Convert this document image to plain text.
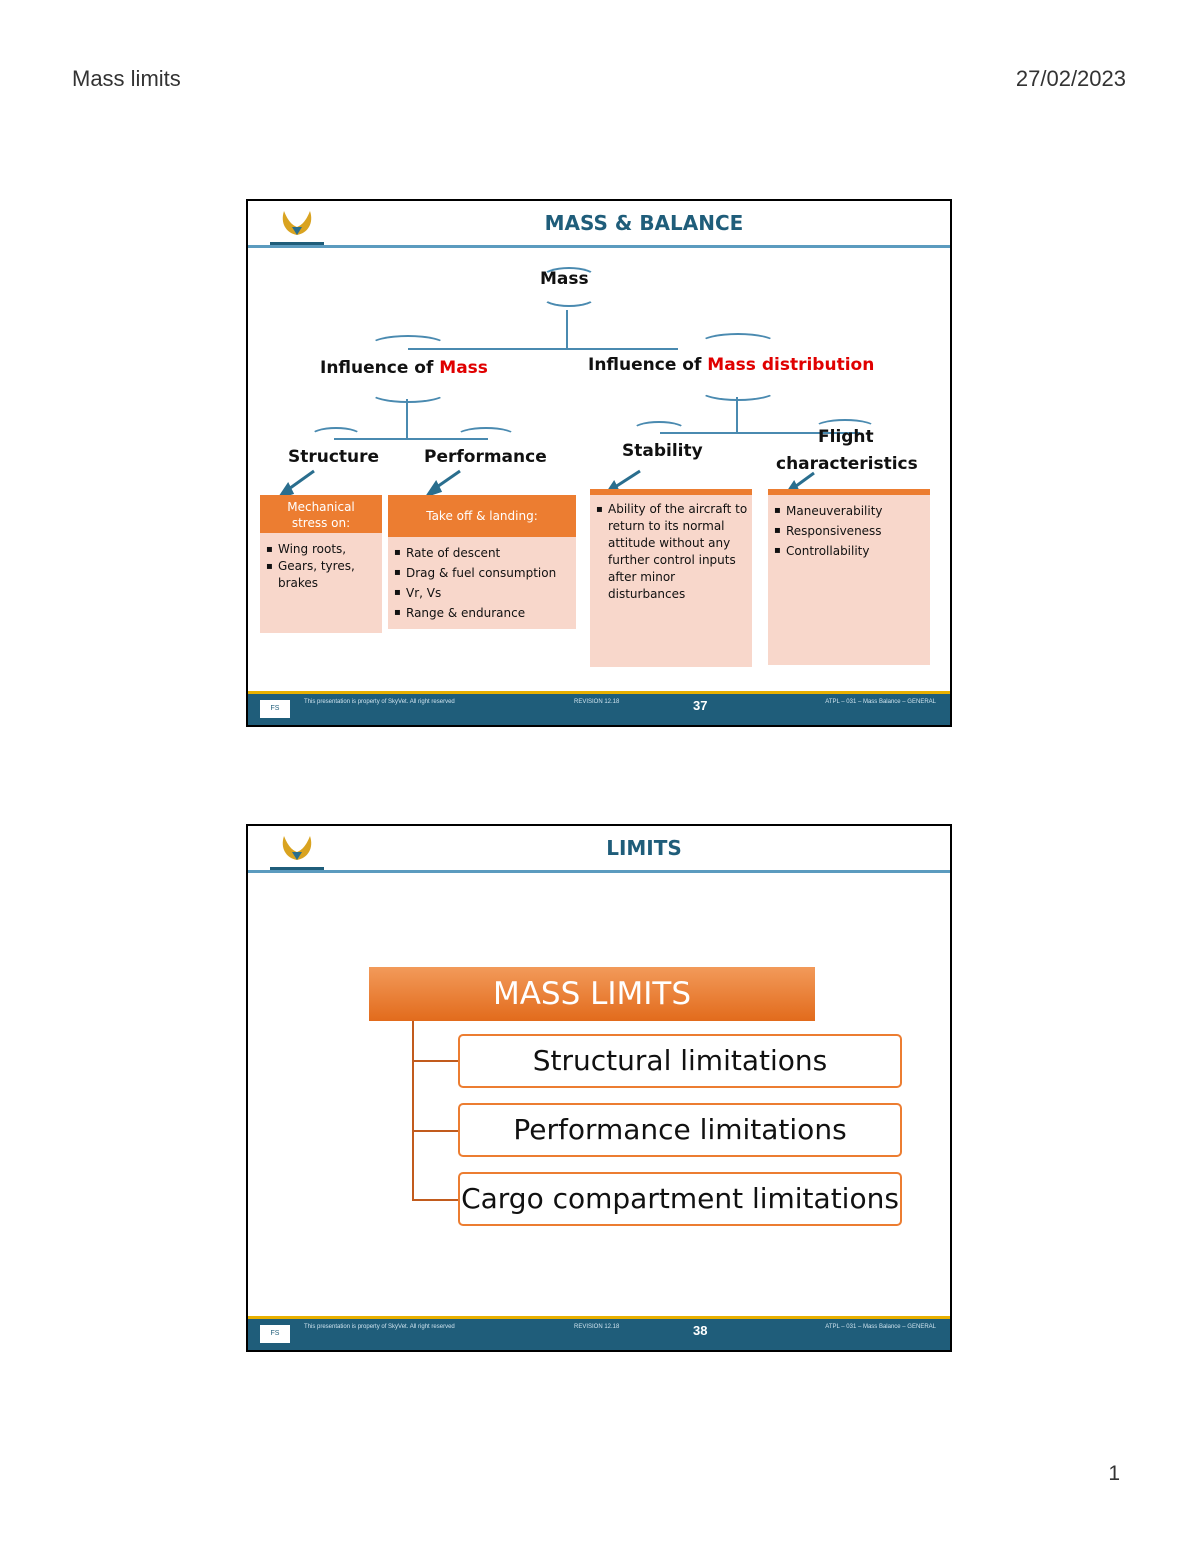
Mass limits	27/02/2023
MASS & BALANCE
Mass
Influence of Mass	Influence of Mass distribution
Structure	Performance	Stability
Flight
characteristics
Mechanical stress on:
▪ Wing roots,
▪ Gears, tyres, brakes
Take off & landing:
▪ Rate of descent
▪ Drag & fuel consumption
▪ Vr, Vs
▪ Range & endurance
▪ Ability of the aircraft to return to its normal attitude without any further control inputs after minor disturbances
▪ Maneuverability
▪ Responsiveness
▪ Controllability
FS
This presentation is property of SkyVet. All right reserved	REVISION 12.18	37	ATPL – 031 – Mass Balance – GENERAL
LIMITS
MASS LIMITS
Structural limitations
Performance limitations
Cargo compartment limitations
FS
This presentation is property of SkyVet. All right reserved	REVISION 12.18	38	ATPL – 031 – Mass Balance – GENERAL
1
